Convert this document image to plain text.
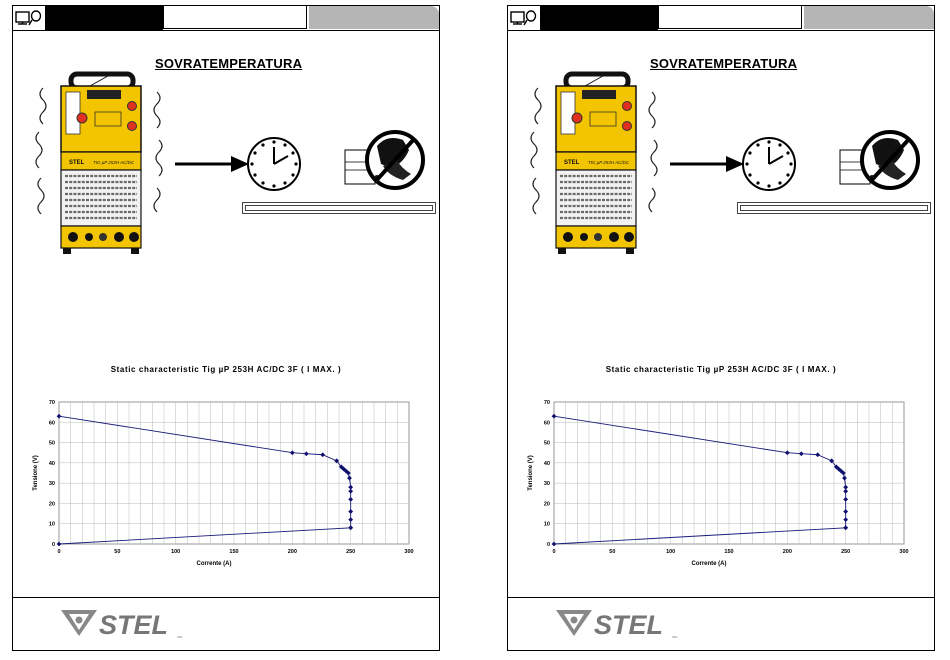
SOVRATEMPERATURA
STEL TIG μP 253H AC/DC
Static characteristic Tig µP 253H AC/DC 3F ( I MAX. )
0	50	100	150	200	250	300
0
10
20
30
40
50
60
70
Corrente (A)
Tensione (V)
STEL	SRL
SOVRATEMPERATURA
STEL TIG μP 253H AC/DC
Static characteristic Tig µP 253H AC/DC 3F ( I MAX. )
0	50	100	150	200	250	300
0
10
20
30
40
50
60
70
Corrente (A)
Tensione (V)
STEL	SRL
